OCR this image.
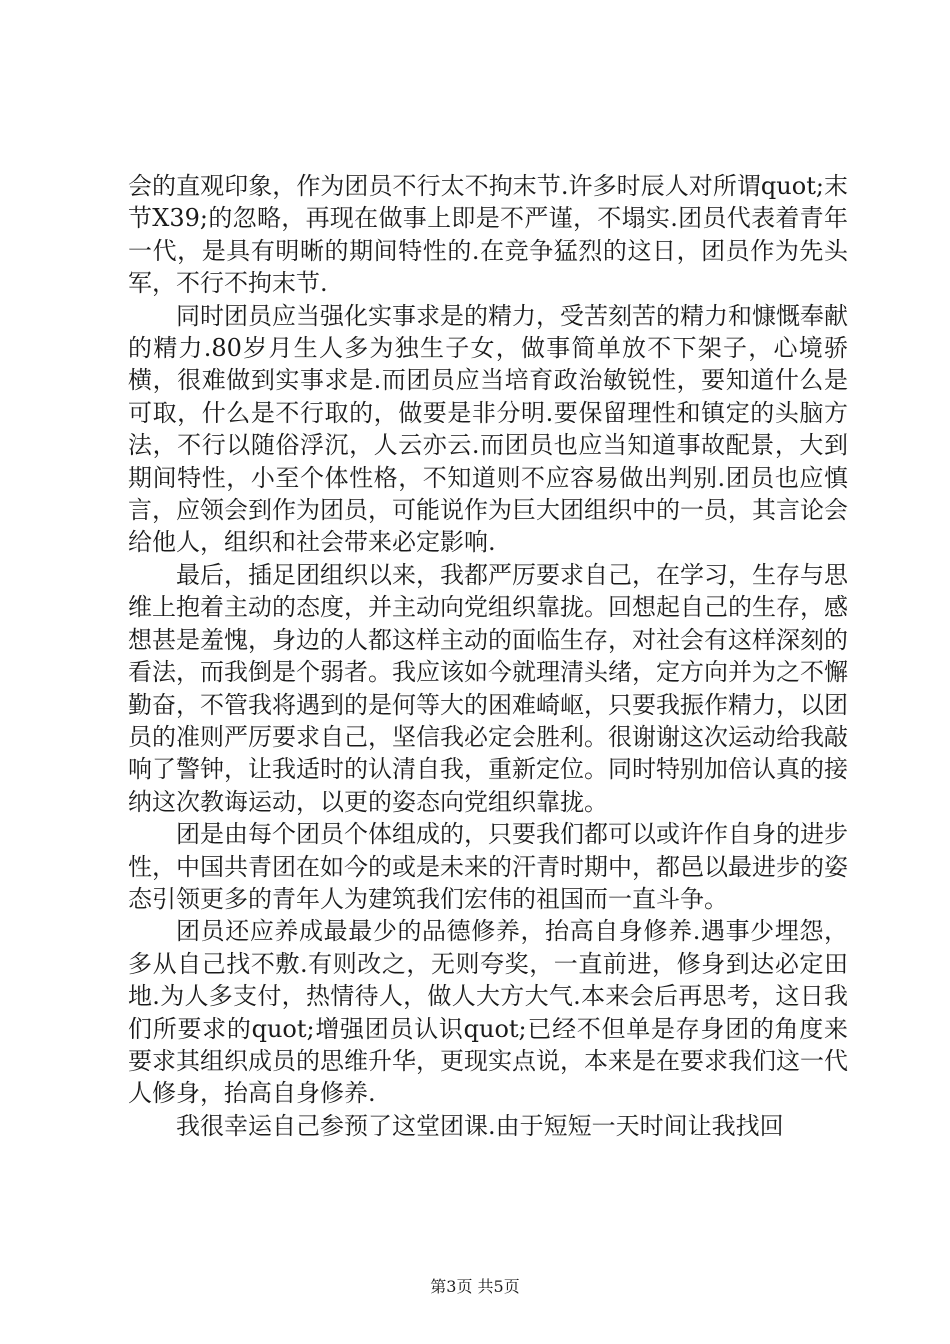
会的直观印象，作为团员不行太不拘末节.许多时辰人对所谓quot;末节X39;的忽略，再现在做事上即是不严谨，不塌实.团员代表着青年一代，是具有明晰的期间特性的.在竞争猛烈的这日，团员作为先头军，不行不拘末节.

同时团员应当强化实事求是的精力，受苦刻苦的精力和慷慨奉献的精力.80岁月生人多为独生子女，做事简单放不下架子，心境骄横，很难做到实事求是.而团员应当培育政治敏锐性，要知道什么是可取，什么是不行取的，做要是非分明.要保留理性和镇定的头脑方法，不行以随俗浮沉，人云亦云.而团员也应当知道事故配景，大到期间特性，小至个体性格，不知道则不应容易做出判别.团员也应慎言，应领会到作为团员，可能说作为巨大团组织中的一员，其言论会给他人，组织和社会带来必定影响.

最后，插足团组织以来，我都严厉要求自己，在学习，生存与思维上抱着主动的态度，并主动向党组织靠拢。回想起自己的生存，感想甚是羞愧，身边的人都这样主动的面临生存，对社会有这样深刻的看法，而我倒是个弱者。我应该如今就理清头绪，定方向并为之不懈勤奋，不管我将遇到的是何等大的困难崎岖，只要我振作精力，以团员的准则严厉要求自己，坚信我必定会胜利。很谢谢这次运动给我敲响了警钟，让我适时的认清自我，重新定位。同时特别加倍认真的接纳这次教诲运动，以更的姿态向党组织靠拢。

团是由每个团员个体组成的，只要我们都可以或许作自身的进步性，中国共青团在如今的或是未来的汗青时期中，都邑以最进步的姿态引领更多的青年人为建筑我们宏伟的祖国而一直斗争。

团员还应养成最最少的品德修养，抬高自身修养.遇事少埋怨，多从自己找不敷.有则改之，无则夸奖，一直前进，修身到达必定田地.为人多支付，热情待人，做人大方大气.本来会后再思考，这日我们所要求的quot;增强团员认识quot;已经不但单是存身团的角度来要求其组织成员的思维升华，更现实点说，本来是在要求我们这一代人修身，抬高自身修养.

我很幸运自己参预了这堂团课.由于短短一天时间让我找回

第3页 共5页
